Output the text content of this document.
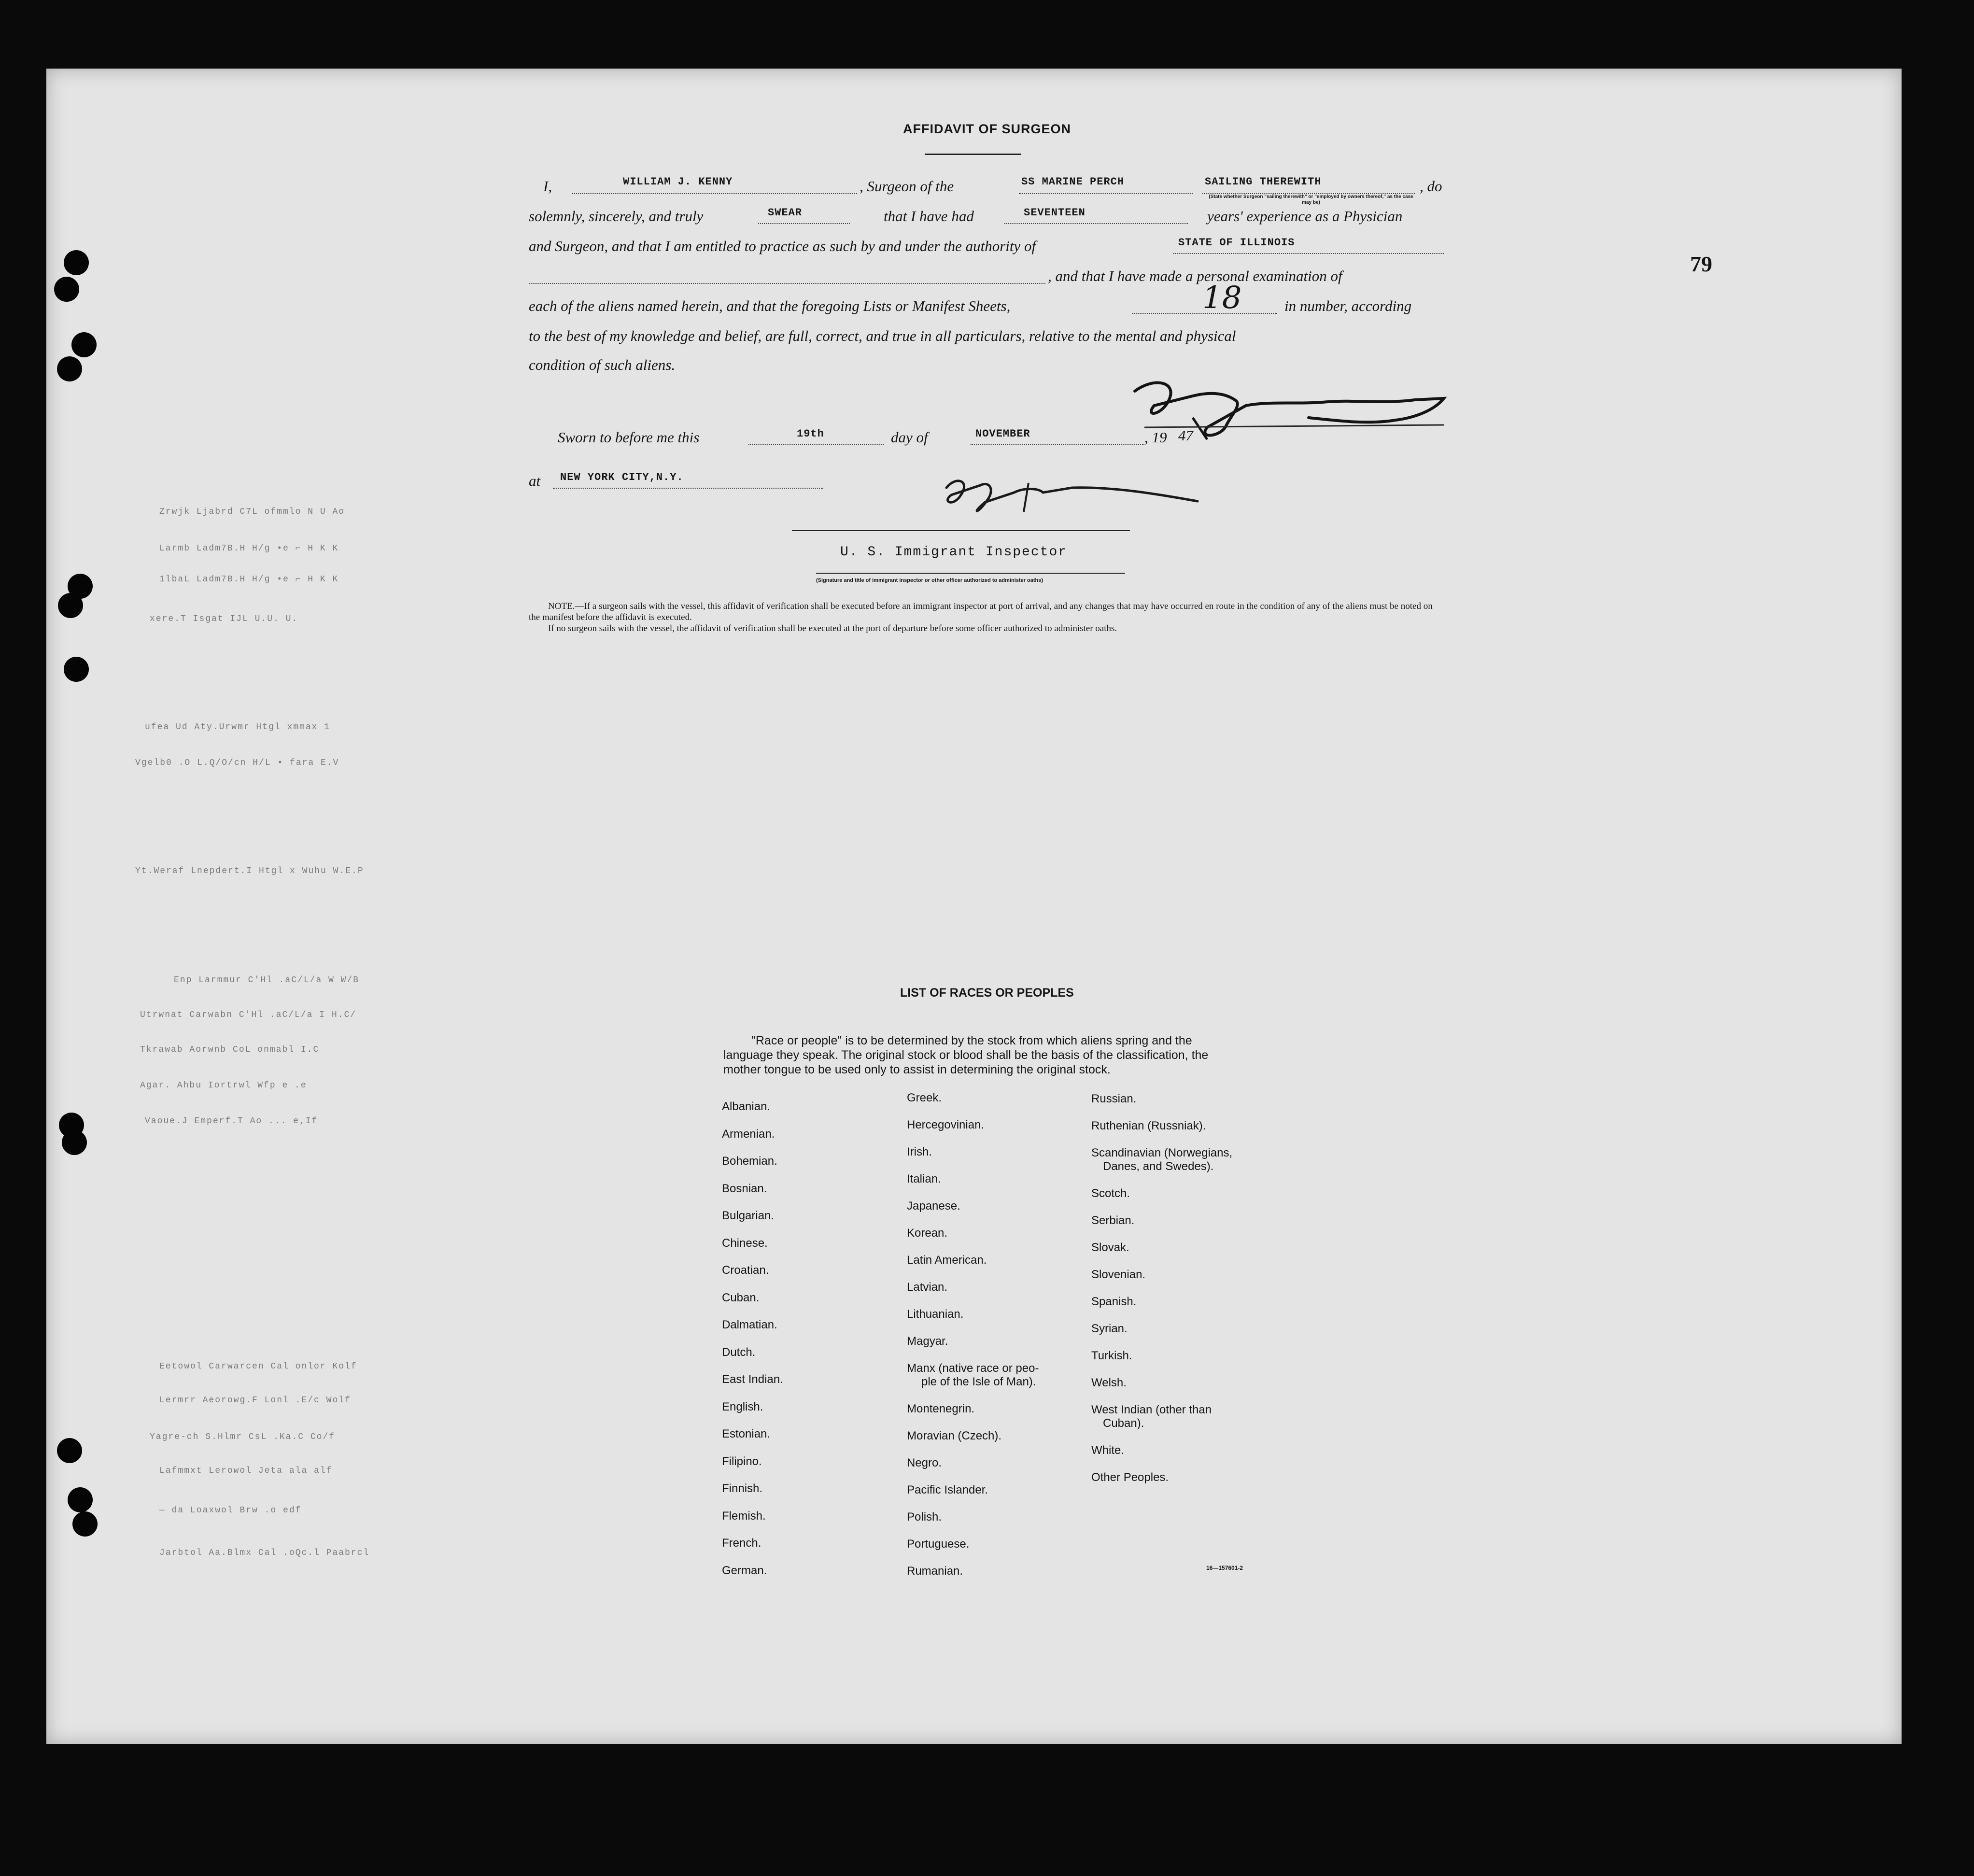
79
AFFIDAVIT OF SURGEON
I,	WILLIAM J. KENNY	, Surgeon of the	SS MARINE PERCH	SAILING THEREWITH	, do
(State whether Surgeon "sailing therewith" or "employed by owners thereof," as the case may be)
solemnly, sincerely, and truly	SWEAR	that I have had	SEVENTEEN	years' experience as a Physician
and Surgeon, and that I am entitled to practice as such by and under the authority of	STATE OF ILLINOIS
, and that I have made a personal examination of
each of the aliens named herein, and that the foregoing Lists or Manifest Sheets,	18	in number, according
to the best of my knowledge and belief, are full, correct, and true in all particulars, relative to the mental and physical
condition of such aliens.
Sworn to before me this	19th	day of	NOVEMBER	, 19 47
at NEW YORK CITY,N.Y.
U. S. Immigrant Inspector
(Signature and title of immigrant inspector or other officer authorized to administer oaths)
NOTE.—If a surgeon sails with the vessel, this affidavit of verification shall be executed before an immigrant inspector at port of arrival, and any changes that may have occurred en route in the condition of any of the aliens must be noted on the manifest before the affidavit is executed.
If no surgeon sails with the vessel, the affidavit of verification shall be executed at the port of departure before some officer authorized to administer oaths.
Zrwjk Ljabrd C7L ofmmlo N U Ao
Larmb Ladm7B.H H/g •e ⌐ H K K
1lbaL Ladm7B.H H/g •e ⌐ H K K
xere.T Isgat IJL U.U. U.
ufea Ud Aty.Urwmr Htgl xmmax 1
Vgelb0 .O L.Q/O/cn H/L • fara E.V
Yt.Weraf Lnepdert.I Htgl x Wuhu W.E.P
Enp Larmmur C'Hl .aC/L/a W W/B
Utrwnat Carwabn C'Hl .aC/L/a I H.C/
Tkrawab Aorwnb CoL onmabl I.C
Agar. Ahbu Iortrwl Wfp e .e
Vaoue.J Emperf.T Ao ... e,If
Eetowol Carwarcen Cal onlor Kolf
Lermrr Aeorowg.F Lonl .E/c Wolf
Yagre-ch S.Hlmr CsL .Ka.C Co/f
Lafmmxt Lerowol Jeta ala alf
— da Loaxwol Brw .o edf
Jarbtol Aa.Blmx Cal .oQc.l Paabrcl
LIST OF RACES OR PEOPLES
"Race or people" is to be determined by the stock from which aliens spring and the language they speak. The original stock or blood shall be the basis of the classification, the mother tongue to be used only to assist in determining the original stock.
Albanian.
Armenian.
Bohemian.
Bosnian.
Bulgarian.
Chinese.
Croatian.
Cuban.
Dalmatian.
Dutch.
East Indian.
English.
Estonian.
Filipino.
Finnish.
Flemish.
French.
German.
Greek.
Hercegovinian.
Irish.
Italian.
Japanese.
Korean.
Latin American.
Latvian.
Lithuanian.
Magyar.
Manx (native race or peo-
ple of the Isle of Man).
Montenegrin.
Moravian (Czech).
Negro.
Pacific Islander.
Polish.
Portuguese.
Rumanian.
Russian.
Ruthenian (Russniak).
Scandinavian (Norwegians,
Danes, and Swedes).
Scotch.
Serbian.
Slovak.
Slovenian.
Spanish.
Syrian.
Turkish.
Welsh.
West Indian (other than
Cuban).
White.
Other Peoples.
16—157601-2
